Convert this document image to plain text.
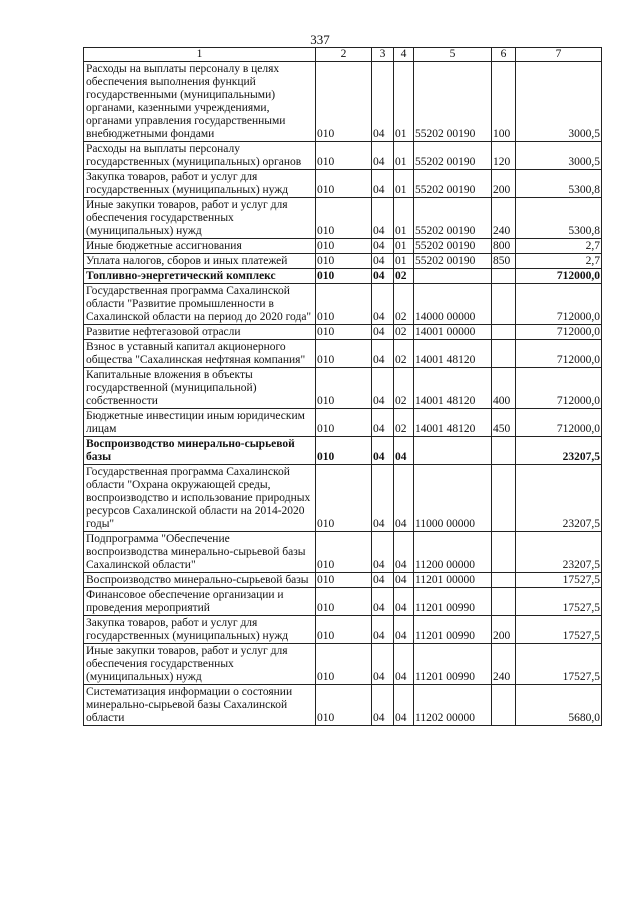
337
1	2	3	4	5	6	7
Расходы на выплаты персоналу в целях обеспечения выполнения функций государственными (муниципальными) органами, казенными учреждениями, органами управления государственными внебюджетными фондами	010	04	01	55202 00190	100	3000,5
Расходы на выплаты персоналу государственных (муниципальных) органов	010	04	01	55202 00190	120	3000,5
Закупка товаров, работ и услуг для государственных (муниципальных) нужд	010	04	01	55202 00190	200	5300,8
Иные закупки товаров, работ и услуг для обеспечения государственных (муниципальных) нужд	010	04	01	55202 00190	240	5300,8
Иные бюджетные ассигнования	010	04	01	55202 00190	800	2,7
Уплата налогов, сборов и иных платежей	010	04	01	55202 00190	850	2,7
Топливно-энергетический комплекс	010	04	02			712000,0
Государственная программа Сахалинской области "Развитие промышленности в Сахалинской области на период до 2020 года"	010	04	02	14000 00000		712000,0
Развитие нефтегазовой отрасли	010	04	02	14001 00000		712000,0
Взнос в уставный капитал акционерного общества "Сахалинская нефтяная компания"	010	04	02	14001 48120		712000,0
Капитальные вложения в объекты государственной (муниципальной) собственности	010	04	02	14001 48120	400	712000,0
Бюджетные инвестиции иным юридическим лицам	010	04	02	14001 48120	450	712000,0
Воспроизводство минерально-сырьевой базы	010	04	04			23207,5
Государственная программа Сахалинской области "Охрана окружающей среды, воспроизводство и использование природных ресурсов Сахалинской области на 2014-2020 годы"	010	04	04	11000 00000		23207,5
Подпрограмма "Обеспечение воспроизводства минерально-сырьевой базы Сахалинской области"	010	04	04	11200 00000		23207,5
Воспроизводство минерально-сырьевой базы	010	04	04	11201 00000		17527,5
Финансовое обеспечение организации и проведения мероприятий	010	04	04	11201 00990		17527,5
Закупка товаров, работ и услуг для государственных (муниципальных) нужд	010	04	04	11201 00990	200	17527,5
Иные закупки товаров, работ и услуг для обеспечения государственных (муниципальных) нужд	010	04	04	11201 00990	240	17527,5
Систематизация информации о состоянии минерально-сырьевой базы Сахалинской области	010	04	04	11202 00000		5680,0
